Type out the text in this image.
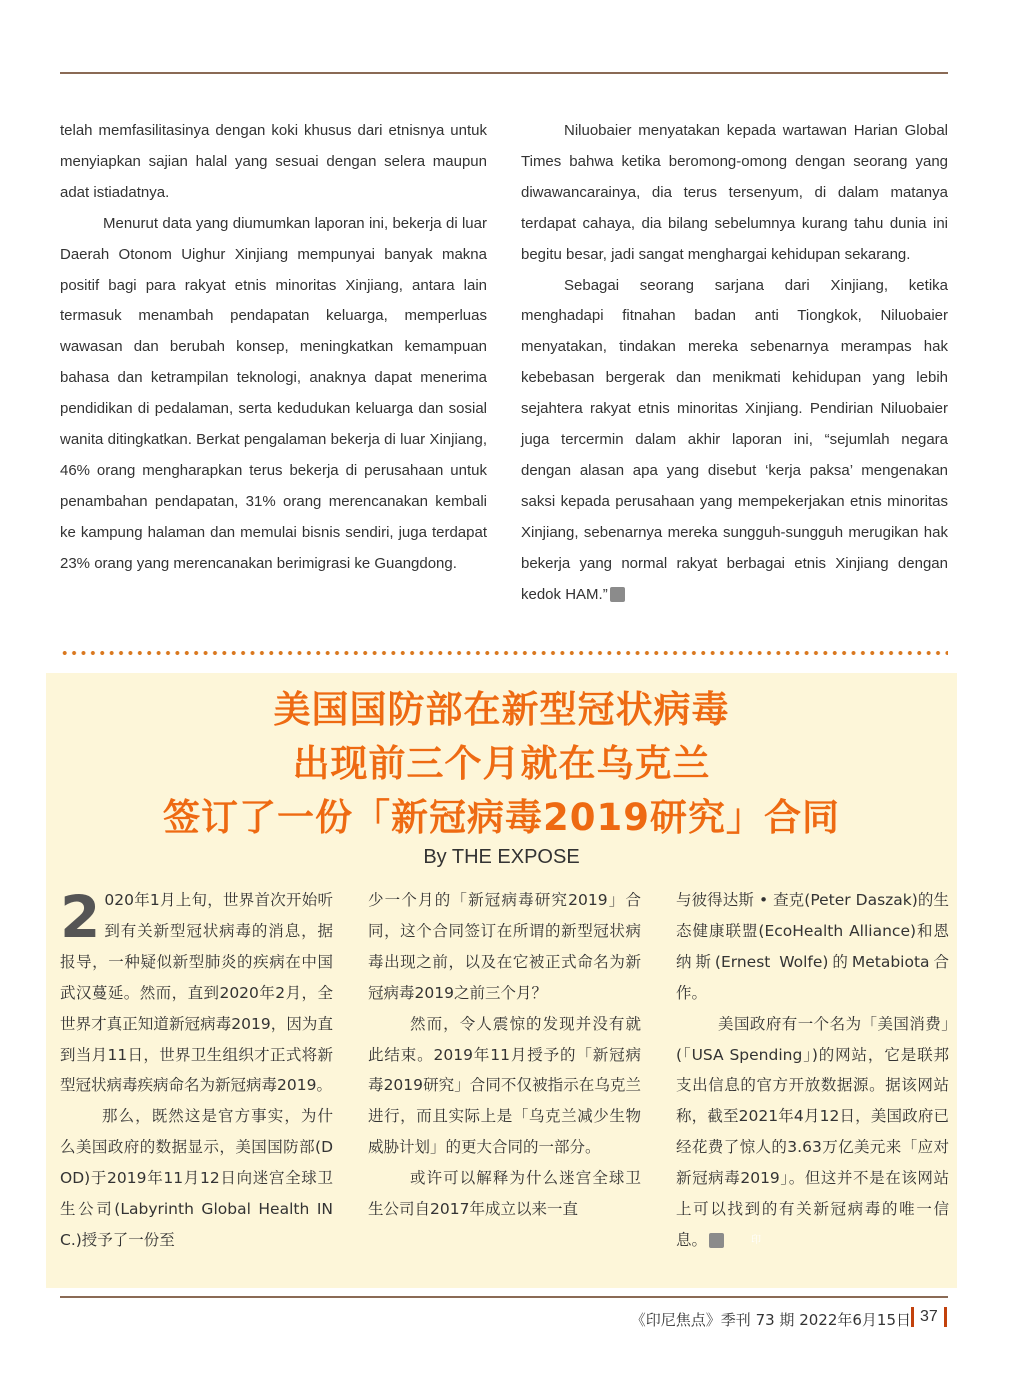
telah memfasilitasinya dengan koki khusus dari etnisnya untuk menyiapkan sajian halal yang sesuai dengan selera maupun adat istiadatnya.

Menurut data yang diumumkan laporan ini, bekerja di luar Daerah Otonom Uighur Xinjiang mempunyai banyak makna positif bagi para rakyat etnis minoritas Xinjiang, antara lain termasuk menambah pendapatan keluarga, memperluas wawasan dan berubah konsep, meningkatkan kemampuan bahasa dan ketrampilan teknologi, anaknya dapat menerima pendidikan di pedalaman, serta kedudukan keluarga dan sosial wanita ditingkatkan. Berkat pengalaman bekerja di luar Xinjiang, 46% orang mengharapkan terus bekerja di perusahaan untuk penambahan pendapatan, 31% orang merencanakan kembali ke kampung halaman dan memulai bisnis sendiri, juga terdapat 23% orang yang merencanakan berimigrasi ke Guangdong.

Niluobaier menyatakan kepada wartawan Harian Global Times bahwa ketika beromong-omong dengan seorang yang diwawancarainya, dia terus tersenyum, di dalam matanya terdapat cahaya, dia bilang sebelumnya kurang tahu dunia ini begitu besar, jadi sangat menghargai kehidupan sekarang.

Sebagai seorang sarjana dari Xinjiang, ketika menghadapi fitnahan badan anti Tiongkok, Niluobaier menyatakan, tindakan mereka sebenarnya merampas hak kebebasan bergerak dan menikmati kehidupan yang lebih sejahtera rakyat etnis minoritas Xinjiang. Pendirian Niluobaier juga tercermin dalam akhir laporan ini, “sejumlah negara dengan alasan apa yang disebut ‘kerja paksa’ mengenakan saksi kepada perusahaan yang mempekerjakan etnis minoritas Xinjiang, sebenarnya mereka sungguh-sungguh merugikan hak bekerja yang normal rakyat berbagai etnis Xinjiang dengan kedok HAM.”	印

美国国防部在新型冠状病毒
出现前三个月就在乌克兰
签订了一份「新冠病毒2019研究」合同
By THE EXPOSE

2 020年1月上旬，世界首次开始听到有关新型冠状病毒的消息，据报导，一种疑似新型肺炎的疾病在中国武汉蔓延。然而，直到2020年2月，全世界才真正知道新冠病毒2019，因为直到当月11日，世界卫生组织才正式将新型冠状病毒疾病命名为新冠病毒2019。

那么，既然这是官方事实，为什么美国政府的数据显示，美国国防部(DOD)于2019年11月12日向迷宫全球卫生公司(Labyrinth Global Health INC.)授予了一份至

少一个月的「新冠病毒研究2019」合同，这个合同签订在所谓的新型冠状病毒出现之前，以及在它被正式命名为新冠病毒2019之前三个月？

然而，令人震惊的发现并没有就此结束。2019年11月授予的「新冠病毒2019研究」合同不仅被指示在乌克兰进行，而且实际上是「乌克兰减少生物威胁计划」的更大合同的一部分。

或许可以解释为什么迷宫全球卫生公司自2017年成立以来一直

与彼得达斯 • 查克(Peter Daszak)的生态健康联盟(EcoHealth Alliance)和恩纳斯(Ernest Wolfe)的Metabiota合作。

美国政府有一个名为「美国消费」(「USA Spending」)的网站，它是联邦支出信息的官方开放数据源。据该网站称，截至2021年4月12日，美国政府已经花费了惊人的3.63万亿美元来「应对新冠病毒2019」。但这并不是在该网站上可以找到的有关新冠病毒的唯一信息。	印

《印尼焦点》季刊 73 期 2022年6月15日 37
